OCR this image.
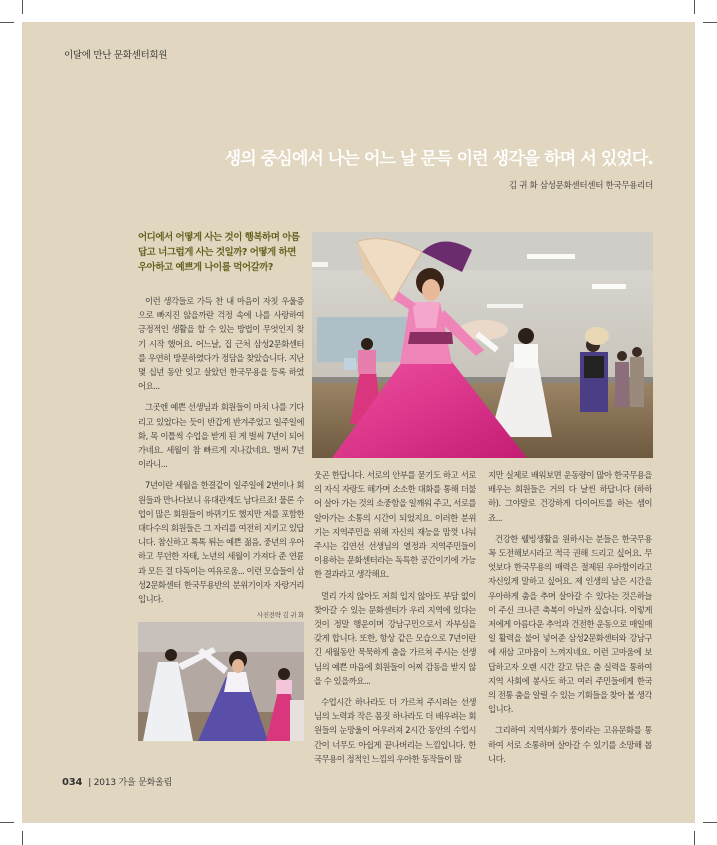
이달에 만난 문화센터회원
생의 중심에서 나는 어느 날 문득 이런 생각을 하며 서 있었다.
김 귀 화 삼성문화센터센터 한국무용리더
어디에서 어떻게 사는 것이 행복하며 아름답고 너그럽게 사는 것일까? 어떻게 하면 우아하고 예쁘게 나이를 먹어갈까?

이런 생각들로 가득 찬 내 마음이 자칫 우울증으로 빠지진 않을까란 걱정 속에 나를 사랑하여 긍정적인 생활을 할 수 있는 방법이 무엇인지 찾기 시작 했어요. 어느날, 집 근처 삼성2문화센터를 우연히 방문하였다가 정담을 찾았습니다. 지난 몇 십년 동안 잊고 살았던 한국무용을 등록 하였어요...

그곳엔 예쁜 선생님과 회원들이 마치 나를 기다리고 있었다는 듯이 반갑게 반겨주었고 일주일에 화, 목 이틀씩 수업을 받게 된 게 벌써 7년이 되어가네요. 세월이 참 빠르게 지나갔네요. 벌써 7년이라니...

7년이란 세월을 한결같이 일주일에 2번이나 회원들과 만나다보니 유대관계도 남다르죠! 물론 수업이 많은 회원들이 바뀌기도 했지만 저를 포함한 대다수의 회원들은 그 자리를 여전히 지키고 있답니다. 참신하고 톡톡 튀는 예쁜 젊음, 중년의 우아하고 무던한 자태, 노년의 세월이 가져다 준 연륜과 모든 걸 다독이는 여유로움... 이런 모습들이 삼성2문화센터 한국무용반의 분위기이자 자랑거리입니다.

사진전략 김 귀 화

웃곤 한답니다. 서로의 안부를 묻기도 하고 서로의 자식 자랑도 해가며 소소한 대화를 통해 더불어 살아 가는 것의 소중함을 일깨워 주고, 서로를 알아가는 소통의 시간이 되었지요. 이러한 분위기는 지역주민을 위해 자신의 재능을 맘껏 나눠 주시는 김연선 선생님의 열정과 지역주민들이 이용하는 문화센터라는 독특한 공간이기에 가능한 결과라고 생각해요.

멀리 가지 않아도 저희 입지 않아도 부담 없이 찾아갈 수 있는 문화센터가 우리 지역에 있다는 것이 정말 행운이며 강남구민으로서 자부심을 갖게 합니다. 또한, 항상 같은 모습으로 7년이란 긴 세월동안 묵묵하게 춤을 가르쳐 주시는 선생님의 예쁜 마음에 회원들이 어찌 감동을 받지 않을 수 있을까요...

수업시간 하나라도 더 가르쳐 주시려는 선생님의 노력과 작은 몸짓 하나라도 더 배우려는 회원들의 눈망울이 어우러져 2시간 동안의 수업시간이 너무도 아쉽게 끝나버리는 느낌입니다. 한국무용이 정적인 느낌의 우아한 동작들이 많

지만 실제로 배워보면 운동량이 많아 한국무용을 배우는 회원들은 거의 다 날씬 하답니다 (하하하). 그야말로 건강하게 다이어트를 하는 셈이죠...

건강한 웰빙생활을 원하시는 분들은 한국무용 꼭 도전해보시라고 적극 권해 드리고 싶어요. 무엇보다 한국무용의 매력은 절제된 우아함이라고 자신있게 말하고 싶어요. 제 인생의 남은 시간을 우아하게 춤을 추며 살아갈 수 있다는 것은하늘이 주신 크나큰 축복이 아닐까 싶습니다. 이렇게 저에게 아름다운 추억과 건전한 운동으로 매일매일 활력을 불어 넣어준 삼성2문화센터와 강남구에 새삼 고마움이 느껴지네요. 이런 고마움에 보답하고자 오랜 시간 갈고 닦은 춤 실력을 통하여 지역 사회에 봉사도 하고 여러 주민들에게 한국의 전통 춤을 알릴 수 있는 기회들을 찾아 볼 생각입니다.

그리하여 지역사회가 풍이라는 고유문화를 통하여 서로 소통하며 살아갈 수 있기를 소망해 봅니다.

034 | 2013 가을 문화올림
